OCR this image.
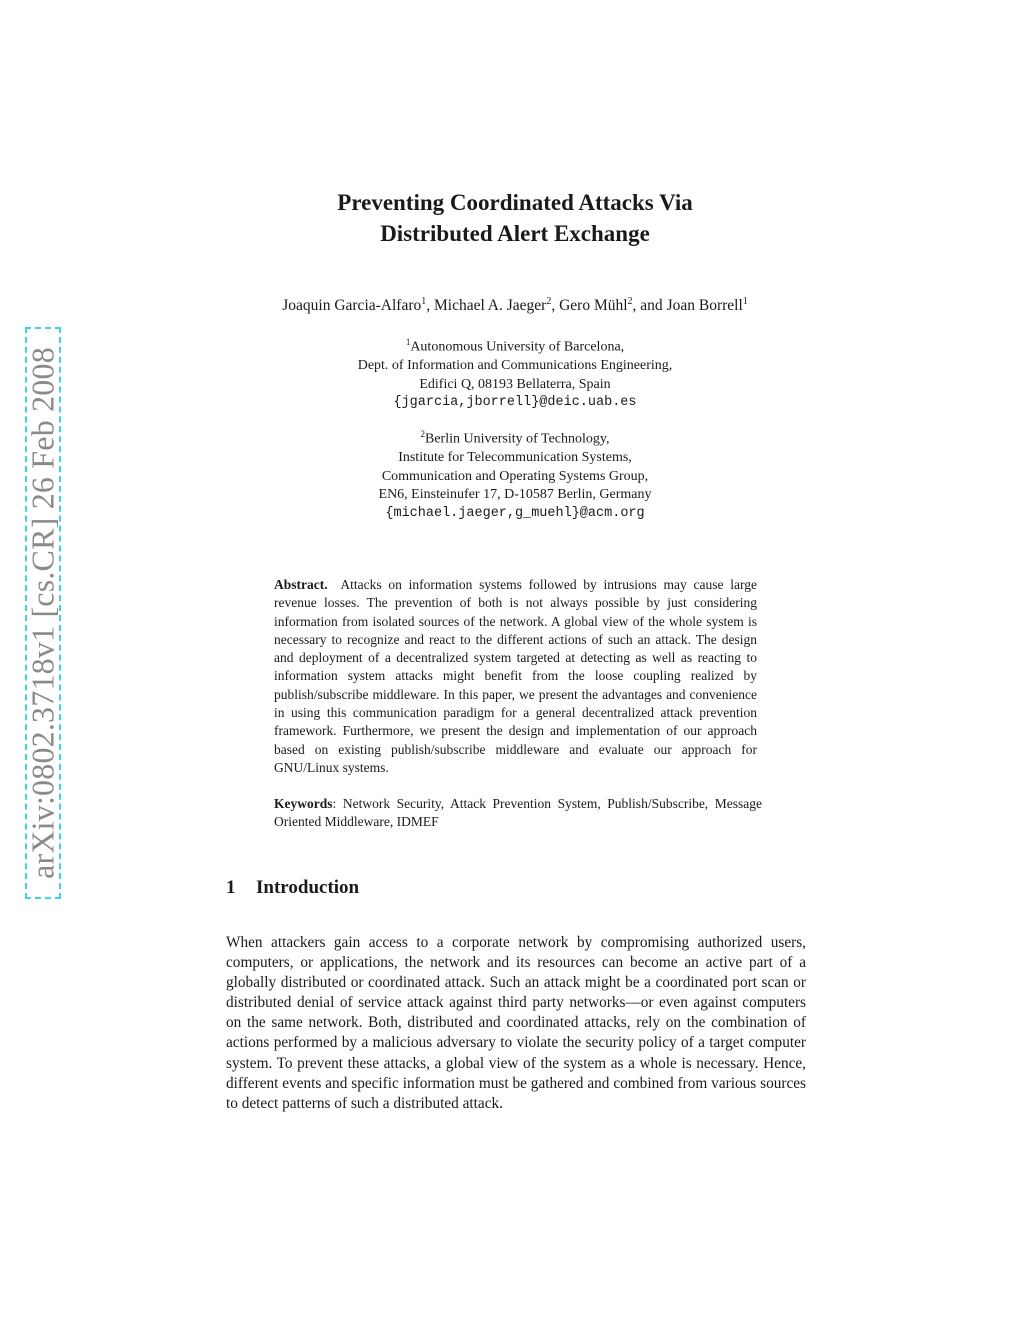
arXiv:0802.3718v1 [cs.CR] 26 Feb 2008
Preventing Coordinated Attacks Via
Distributed Alert Exchange
Joaquin Garcia-Alfaro$^1$, Michael A. Jaeger$^2$, Gero Mühl$^2$, and Joan Borrell$^1$
$^1$Autonomous University of Barcelona,
Dept. of Information and Communications Engineering,
Edifici Q, 08193 Bellaterra, Spain
{jgarcia,jborrell}@deic.uab.es
$^2$Berlin University of Technology,
Institute for Telecommunication Systems,
Communication and Operating Systems Group,
EN6, Einsteinufer 17, D-10587 Berlin, Germany
{michael.jaeger,g_muehl}@acm.org

Abstract. Attacks on information systems followed by intrusions may cause large revenue losses. The prevention of both is not always possible by just considering information from isolated sources of the network. A global view of the whole system is necessary to recognize and react to the different actions of such an attack. The design and deployment of a decentralized system targeted at detecting as well as reacting to information system attacks might benefit from the loose coupling realized by publish/subscribe middleware. In this paper, we present the advantages and convenience in using this communication paradigm for a general decentralized attack prevention framework. Furthermore, we present the design and implementation of our approach based on existing publish/subscribe middleware and evaluate our approach for GNU/Linux systems.

Keywords: Network Security, Attack Prevention System, Publish/Subscribe, Message Oriented Middleware, IDMEF
1 Introduction

When attackers gain access to a corporate network by compromising authorized users, computers, or applications, the network and its resources can become an active part of a globally distributed or coordinated attack. Such an attack might be a coordinated port scan or distributed denial of service attack against third party networks—or even against computers on the same network. Both, distributed and coordinated attacks, rely on the combination of actions performed by a malicious adversary to violate the security policy of a target computer system. To prevent these attacks, a global view of the system as a whole is necessary. Hence, different events and specific information must be gathered and combined from various sources to detect patterns of such a distributed attack.
